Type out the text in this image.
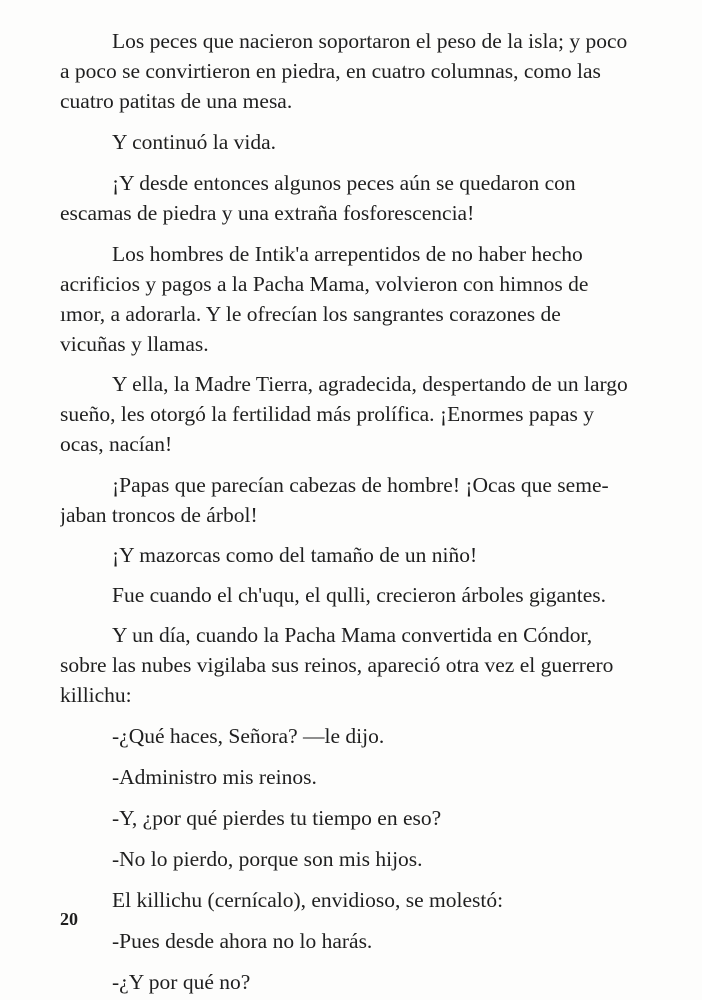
Los peces que nacieron soportaron el peso de la isla; y poco
a poco se convirtieron en piedra, en cuatro columnas, como las
cuatro patitas de una mesa.

Y continuó la vida.

¡Y desde entonces algunos peces aún se quedaron con
escamas de piedra y una extraña fosforescencia!

Los hombres de Intik'a arrepentidos de no haber hecho
acrificios y pagos a la Pacha Mama, volvieron con himnos de
ımor, a adorarla. Y le ofrecían los sangrantes corazones de
vicuñas y llamas.

Y ella, la Madre Tierra, agradecida, despertando de un largo
sueño, les otorgó la fertilidad más prolífica. ¡Enormes papas y
ocas, nacían!

¡Papas que parecían cabezas de hombre! ¡Ocas que seme-
jaban troncos de árbol!

¡Y mazorcas como del tamaño de un niño!

Fue cuando el ch'uqu, el qulli, crecieron árboles gigantes.

Y un día, cuando la Pacha Mama convertida en Cóndor,
sobre las nubes vigilaba sus reinos, apareció otra vez el guerrero
killichu:

-¿Qué haces, Señora? —le dijo.

-Administro mis reinos.

-Y, ¿por qué pierdes tu tiempo en eso?

-No lo pierdo, porque son mis hijos.

El killichu (cernícalo), envidioso, se molestó:

-Pues desde ahora no lo harás.

-¿Y por qué no?

20
